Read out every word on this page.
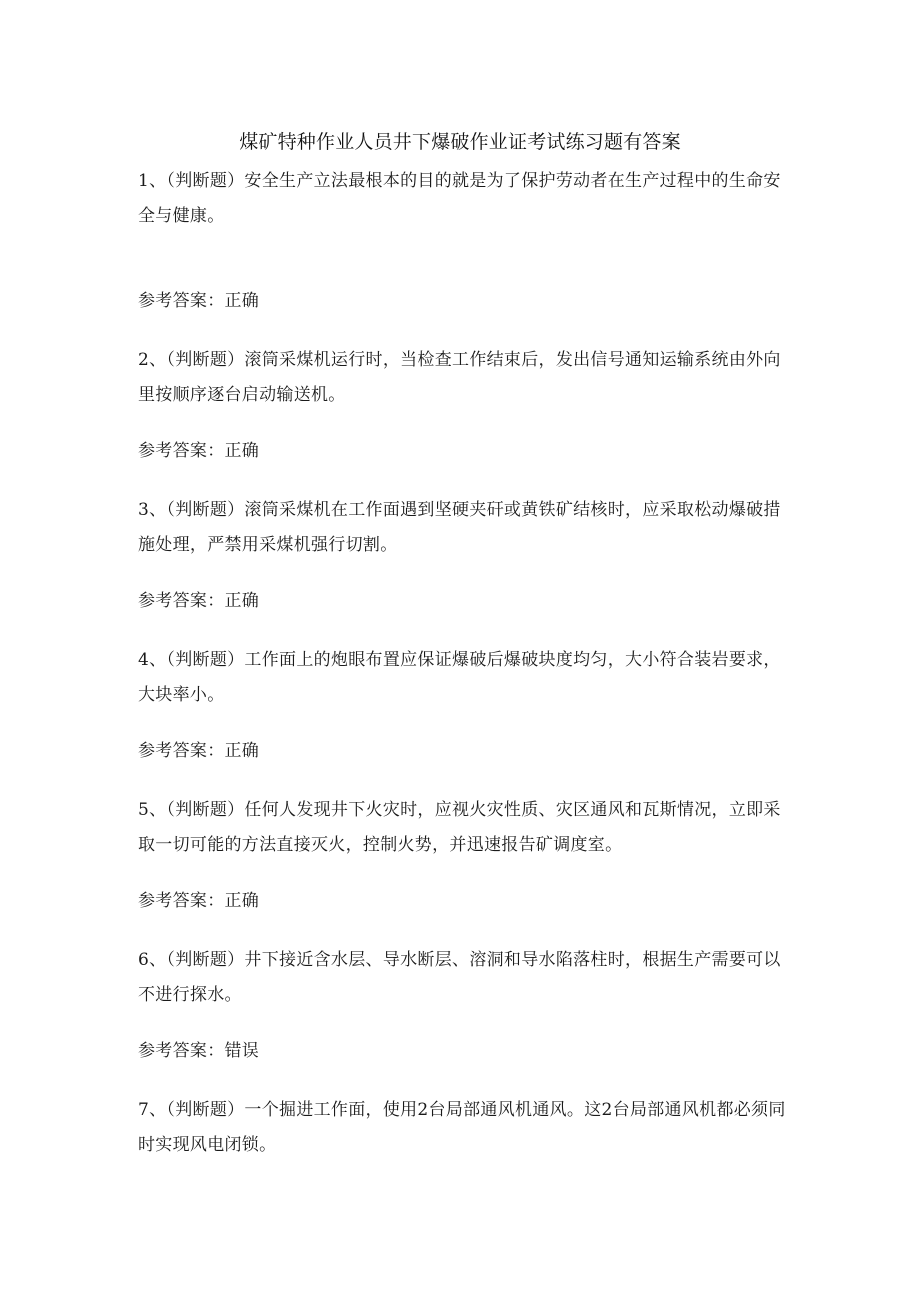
煤矿特种作业人员井下爆破作业证考试练习题有答案
1、（判断题）安全生产立法最根本的目的就是为了保护劳动者在生产过程中的生命安全与健康。
参考答案：正确
2、（判断题）滚筒采煤机运行时，当检查工作结束后，发出信号通知运输系统由外向里按顺序逐台启动输送机。
参考答案：正确
3、（判断题）滚筒采煤机在工作面遇到坚硬夹矸或黄铁矿结核时，应采取松动爆破措施处理，严禁用采煤机强行切割。
参考答案：正确
4、（判断题）工作面上的炮眼布置应保证爆破后爆破块度均匀，大小符合装岩要求，大块率小。
参考答案：正确
5、（判断题）任何人发现井下火灾时，应视火灾性质、灾区通风和瓦斯情况，立即采取一切可能的方法直接灭火，控制火势，并迅速报告矿调度室。
参考答案：正确
6、（判断题）井下接近含水层、导水断层、溶洞和导水陷落柱时，根据生产需要可以不进行探水。
参考答案：错误
7、（判断题）一个掘进工作面，使用2台局部通风机通风。这2台局部通风机都必须同时实现风电闭锁。
